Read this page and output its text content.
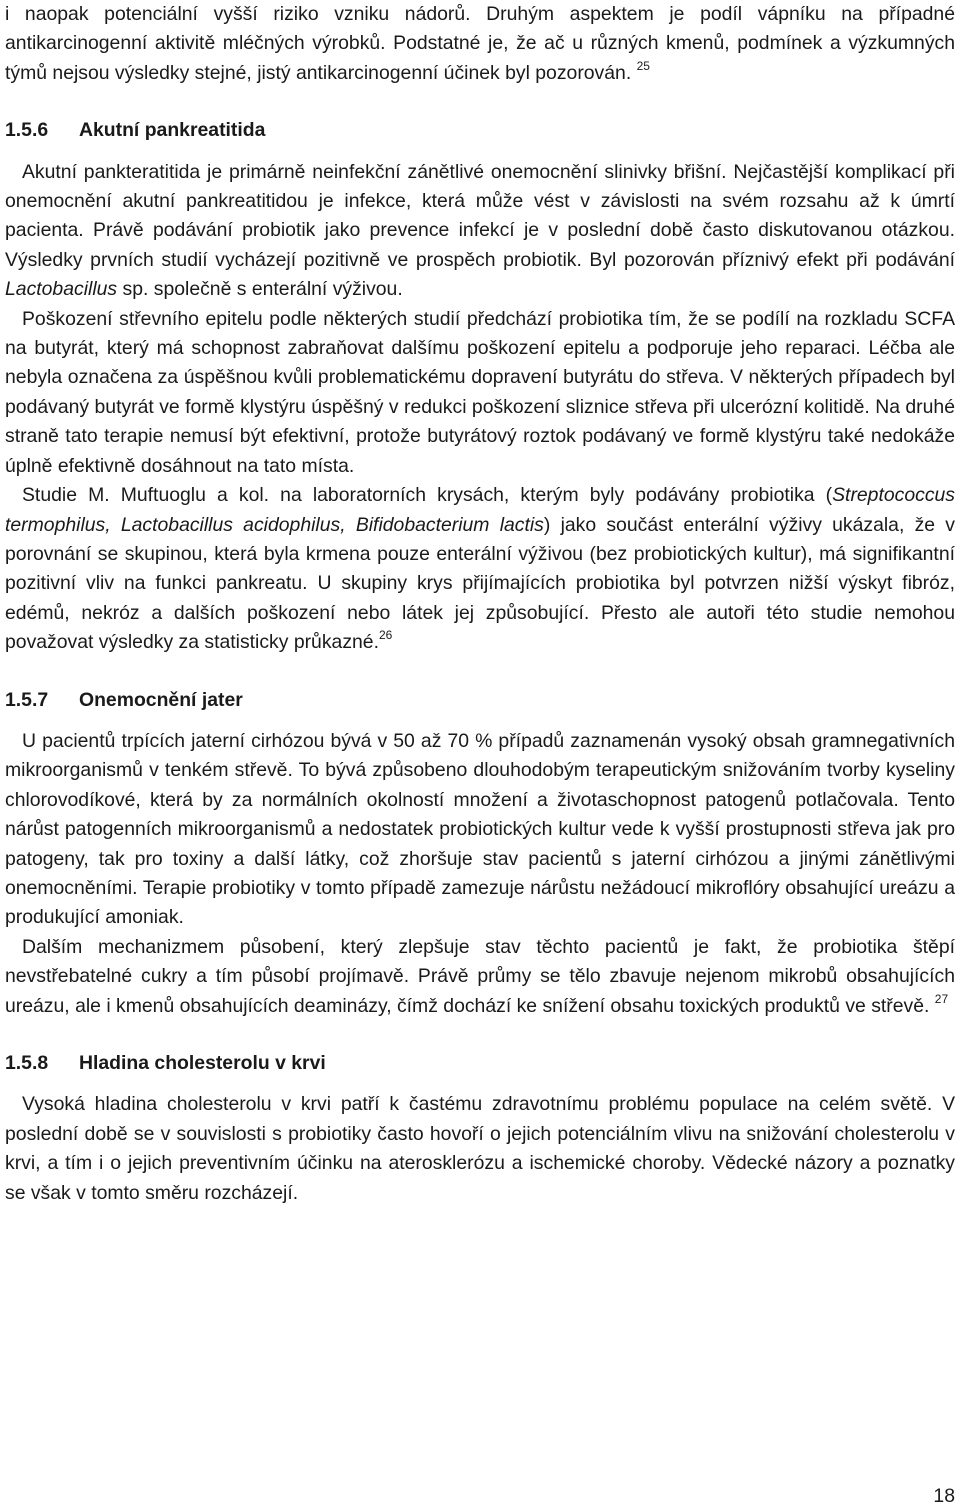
i naopak potenciální vyšší riziko vzniku nádorů. Druhým aspektem je podíl vápníku na případné antikarcinogenní aktivitě mléčných výrobků. Podstatné je, že ač u různých kmenů, podmínek a výzkumných týmů nejsou výsledky stejné, jistý antikarcinogenní účinek byl pozorován. $^{25}$

1.5.6 Akutní pankreatitida

Akutní pankteratitida je primárně neinfekční zánětlivé onemocnění slinivky břišní. Nejčastější komplikací při onemocnění akutní pankreatitidou je infekce, která může vést v závislosti na svém rozsahu až k úmrtí pacienta. Právě podávání probiotik jako prevence infekcí je v poslední době často diskutovanou otázkou. Výsledky prvních studií vycházejí pozitivně ve prospěch probiotik. Byl pozorován příznivý efekt při podávání Lactobacillus sp. společně s enterální výživou.

Poškození střevního epitelu podle některých studií předchází probiotika tím, že se podílí na rozkladu SCFA na butyrát, který má schopnost zabraňovat dalšímu poškození epitelu a podporuje jeho reparaci. Léčba ale nebyla označena za úspěšnou kvůli problematickému dopravení butyrátu do střeva. V některých případech byl podávaný butyrát ve formě klystýru úspěšný v redukci poškození sliznice střeva při ulcerózní kolitidě. Na druhé straně tato terapie nemusí být efektivní, protože butyrátový roztok podávaný ve formě klystýru také nedokáže úplně efektivně dosáhnout na tato místa.

Studie M. Muftuoglu a kol. na laboratorních krysách, kterým byly podávány probiotika (Streptococcus termophilus, Lactobacillus acidophilus, Bifidobacterium lactis) jako součást enterální výživy ukázala, že v porovnání se skupinou, která byla krmena pouze enterální výživou (bez probiotických kultur), má signifikantní pozitivní vliv na funkci pankreatu. U skupiny krys přijímajících probiotika byl potvrzen nižší výskyt fibróz, edémů, nekróz a dalších poškození nebo látek jej způsobující. Přesto ale autoři této studie nemohou považovat výsledky za statisticky průkazné.$^{26}$

1.5.7 Onemocnění jater

U pacientů trpících jaterní cirhózou bývá v 50 až 70 % případů zaznamenán vysoký obsah gramnegativních mikroorganismů v tenkém střevě. To bývá způsobeno dlouhodobým terapeutickým snižováním tvorby kyseliny chlorovodíkové, která by za normálních okolností množení a životaschopnost patogenů potlačovala. Tento nárůst patogenních mikroorganismů a nedostatek probiotických kultur vede k vyšší prostupnosti střeva jak pro patogeny, tak pro toxiny a další látky, což zhoršuje stav pacientů s jaterní cirhózou a jinými zánětlivými onemocněními. Terapie probiotiky v tomto případě zamezuje nárůstu nežádoucí mikroflóry obsahující ureázu a produkující amoniak.

Dalším mechanizmem působení, který zlepšuje stav těchto pacientů je fakt, že probiotika štěpí nevstřebatelné cukry a tím působí projímavě. Právě průmy se tělo zbavuje nejenom mikrobů obsahujících ureázu, ale i kmenů obsahujících deaminázy, čímž dochází ke snížení obsahu toxických produktů ve střevě. $^{27}$

1.5.8 Hladina cholesterolu v krvi

Vysoká hladina cholesterolu v krvi patří k častému zdravotnímu problému populace na celém světě. V poslední době se v souvislosti s probiotiky často hovoří o jejich potenciálním vlivu na snižování cholesterolu v krvi, a tím i o jejich preventivním účinku na aterosklerózu a ischemické choroby. Vědecké názory a poznatky se však v tomto směru rozcházejí.

18
